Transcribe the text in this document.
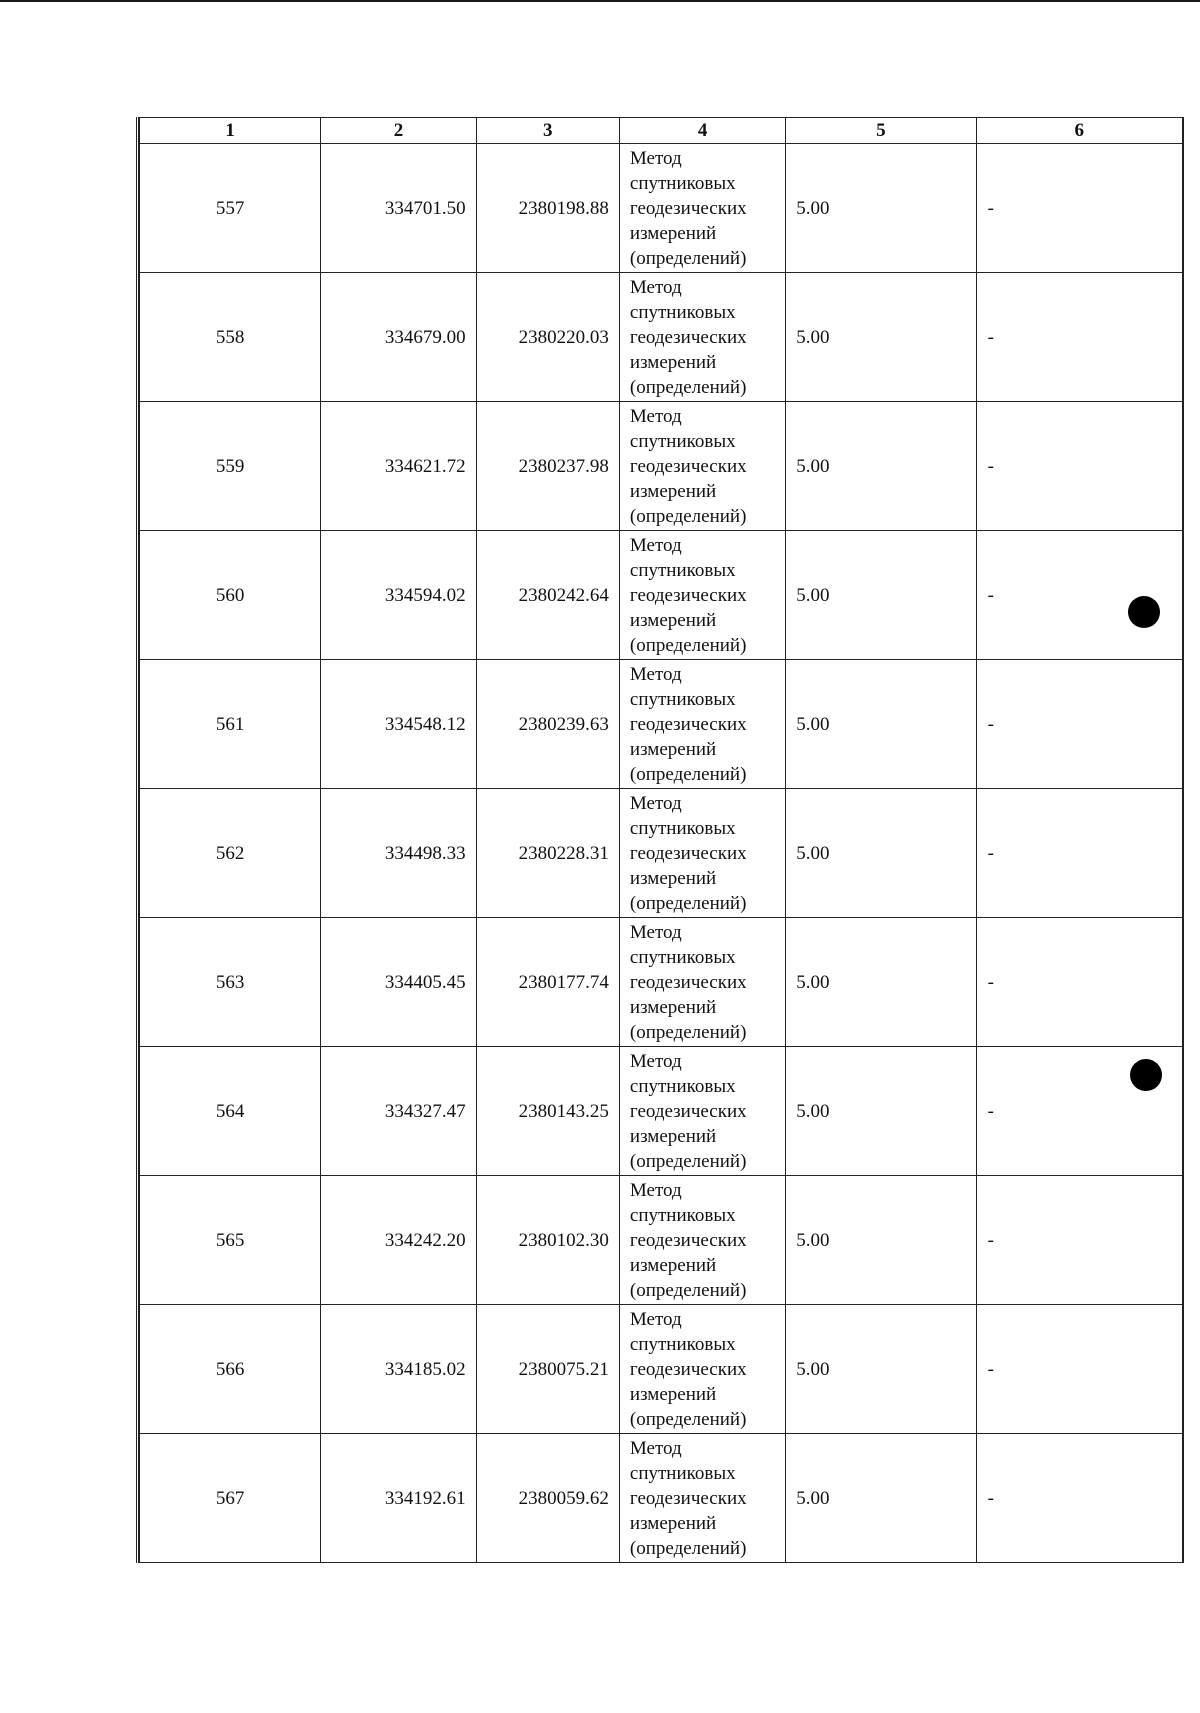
1	2	3	4	5	6
557	334701.50	2380198.88	Метод
спутниковых
геодезических
измерений
(определений)	5.00	-
558	334679.00	2380220.03	Метод
спутниковых
геодезических
измерений
(определений)	5.00	-
559	334621.72	2380237.98	Метод
спутниковых
геодезических
измерений
(определений)	5.00	-
560	334594.02	2380242.64	Метод
спутниковых
геодезических
измерений
(определений)	5.00	-
561	334548.12	2380239.63	Метод
спутниковых
геодезических
измерений
(определений)	5.00	-
562	334498.33	2380228.31	Метод
спутниковых
геодезических
измерений
(определений)	5.00	-
563	334405.45	2380177.74	Метод
спутниковых
геодезических
измерений
(определений)	5.00	-
564	334327.47	2380143.25	Метод
спутниковых
геодезических
измерений
(определений)	5.00	-
565	334242.20	2380102.30	Метод
спутниковых
геодезических
измерений
(определений)	5.00	-
566	334185.02	2380075.21	Метод
спутниковых
геодезических
измерений
(определений)	5.00	-
567	334192.61	2380059.62	Метод
спутниковых
геодезических
измерений
(определений)	5.00	-
